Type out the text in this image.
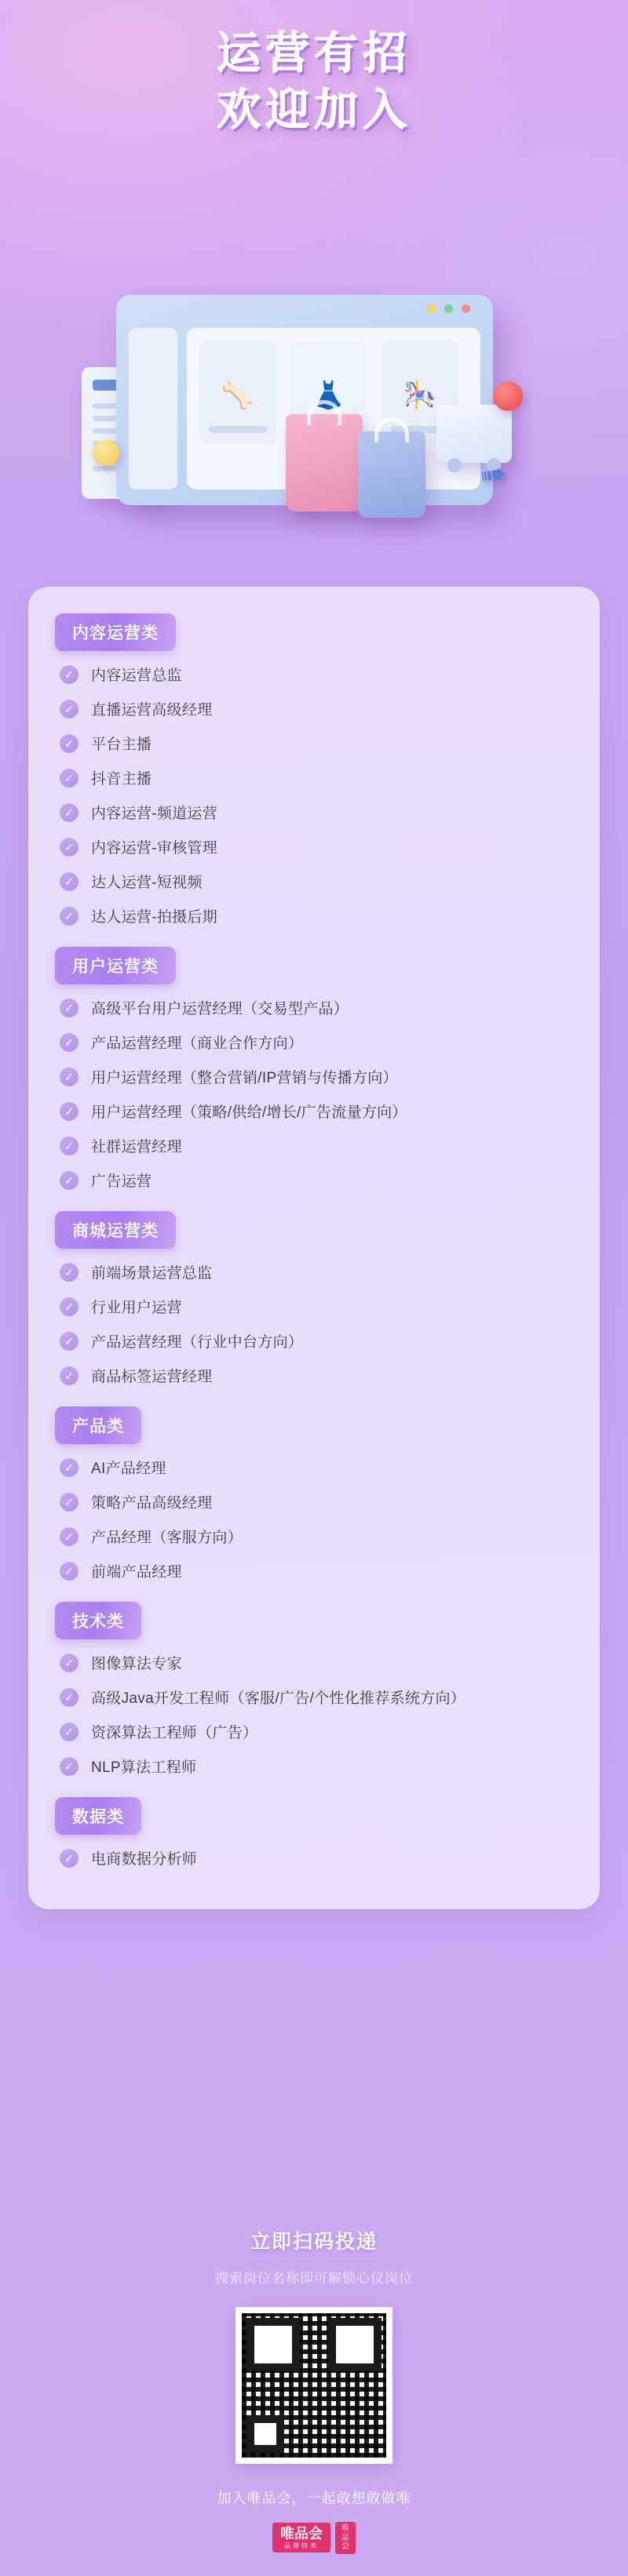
运营有招
欢迎加入
🦴 👗 🎠
➠
内容运营类
✓	内容运营总监
✓	直播运营高级经理
✓	平台主播
✓	抖音主播
✓	内容运营-频道运营
✓	内容运营-审核管理
✓	达人运营-短视频
✓	达人运营-拍摄后期
用户运营类
✓	高级平台用户运营经理（交易型产品）
✓	产品运营经理（商业合作方向）
✓	用户运营经理（整合营销/IP营销与传播方向）
✓	用户运营经理（策略/供给/增长/广告流量方向）
✓	社群运营经理
✓	广告运营
商城运营类
✓	前端场景运营总监
✓	行业用户运营
✓	产品运营经理（行业中台方向）
✓	商品标签运营经理
产品类
✓	AI产品经理
✓	策略产品高级经理
✓	产品经理（客服方向）
✓	前端产品经理
技术类
✓	图像算法专家
✓	高级Java开发工程师（客服/广告/个性化推荐系统方向）
✓	资深算法工程师（广告）
✓	NLP算法工程师
数据类
✓	电商数据分析师
立即扫码投递
搜索岗位名称即可解锁心仪岗位
加入唯品会，一起敢想敢做唯
唯品会
品牌特卖
唯品
会
